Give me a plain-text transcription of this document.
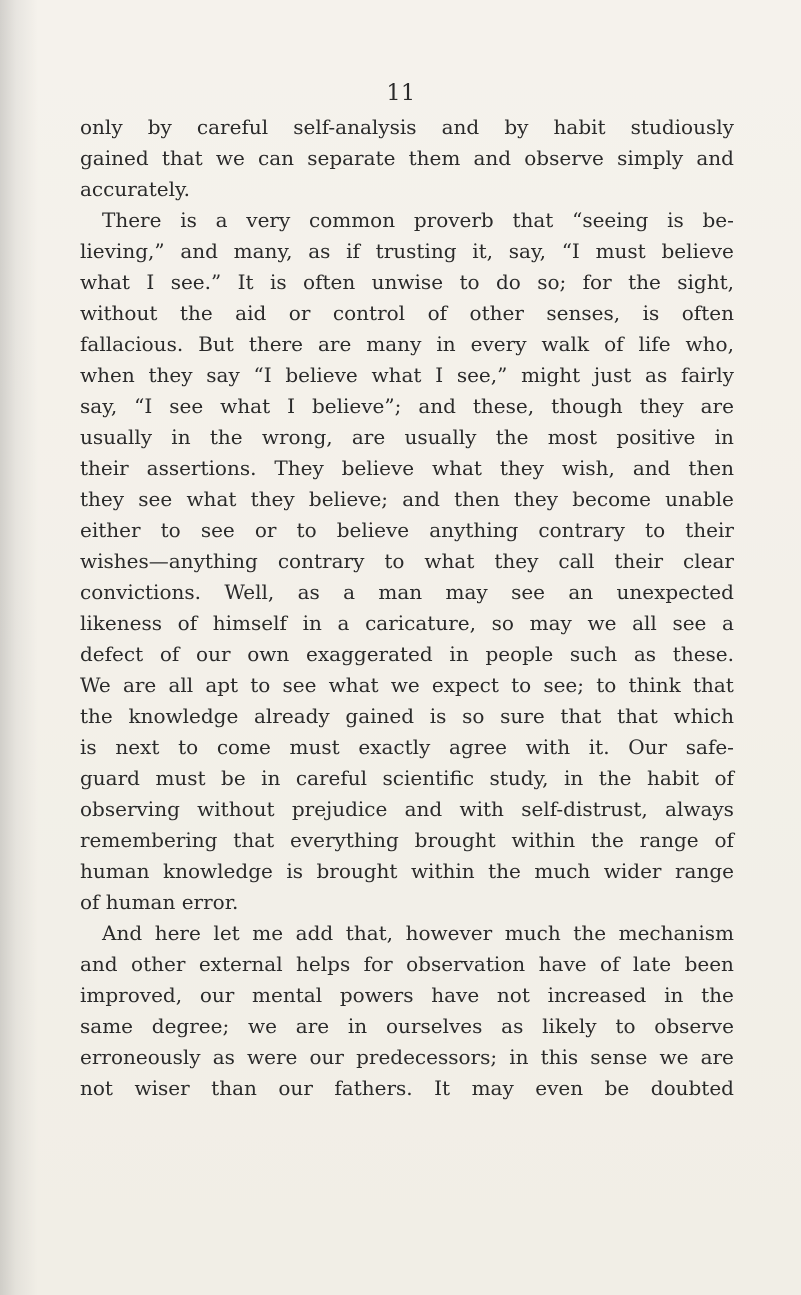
11
only by careful self-analysis and by habit studiously
gained that we can separate them and observe simply and
accurately.
There is a very common proverb that “seeing is be-
lieving,” and many, as if trusting it, say, “I must believe
what I see.” It is often unwise to do so; for the sight,
without the aid or control of other senses, is often
fallacious. But there are many in every walk of life who,
when they say “I believe what I see,” might just as fairly
say, “I see what I believe”; and these, though they are
usually in the wrong, are usually the most positive in
their assertions. They believe what they wish, and then
they see what they believe; and then they become unable
either to see or to believe anything contrary to their
wishes—anything contrary to what they call their clear
convictions. Well, as a man may see an unexpected
likeness of himself in a caricature, so may we all see a
defect of our own exaggerated in people such as these.
We are all apt to see what we expect to see; to think that
the knowledge already gained is so sure that that which
is next to come must exactly agree with it. Our safe-
guard must be in careful scientific study, in the habit of
observing without prejudice and with self-distrust, always
remembering that everything brought within the range of
human knowledge is brought within the much wider range
of human error.
And here let me add that, however much the mechanism
and other external helps for observation have of late been
improved, our mental powers have not increased in the
same degree; we are in ourselves as likely to observe
erroneously as were our predecessors; in this sense we are
not wiser than our fathers. It may even be doubted
